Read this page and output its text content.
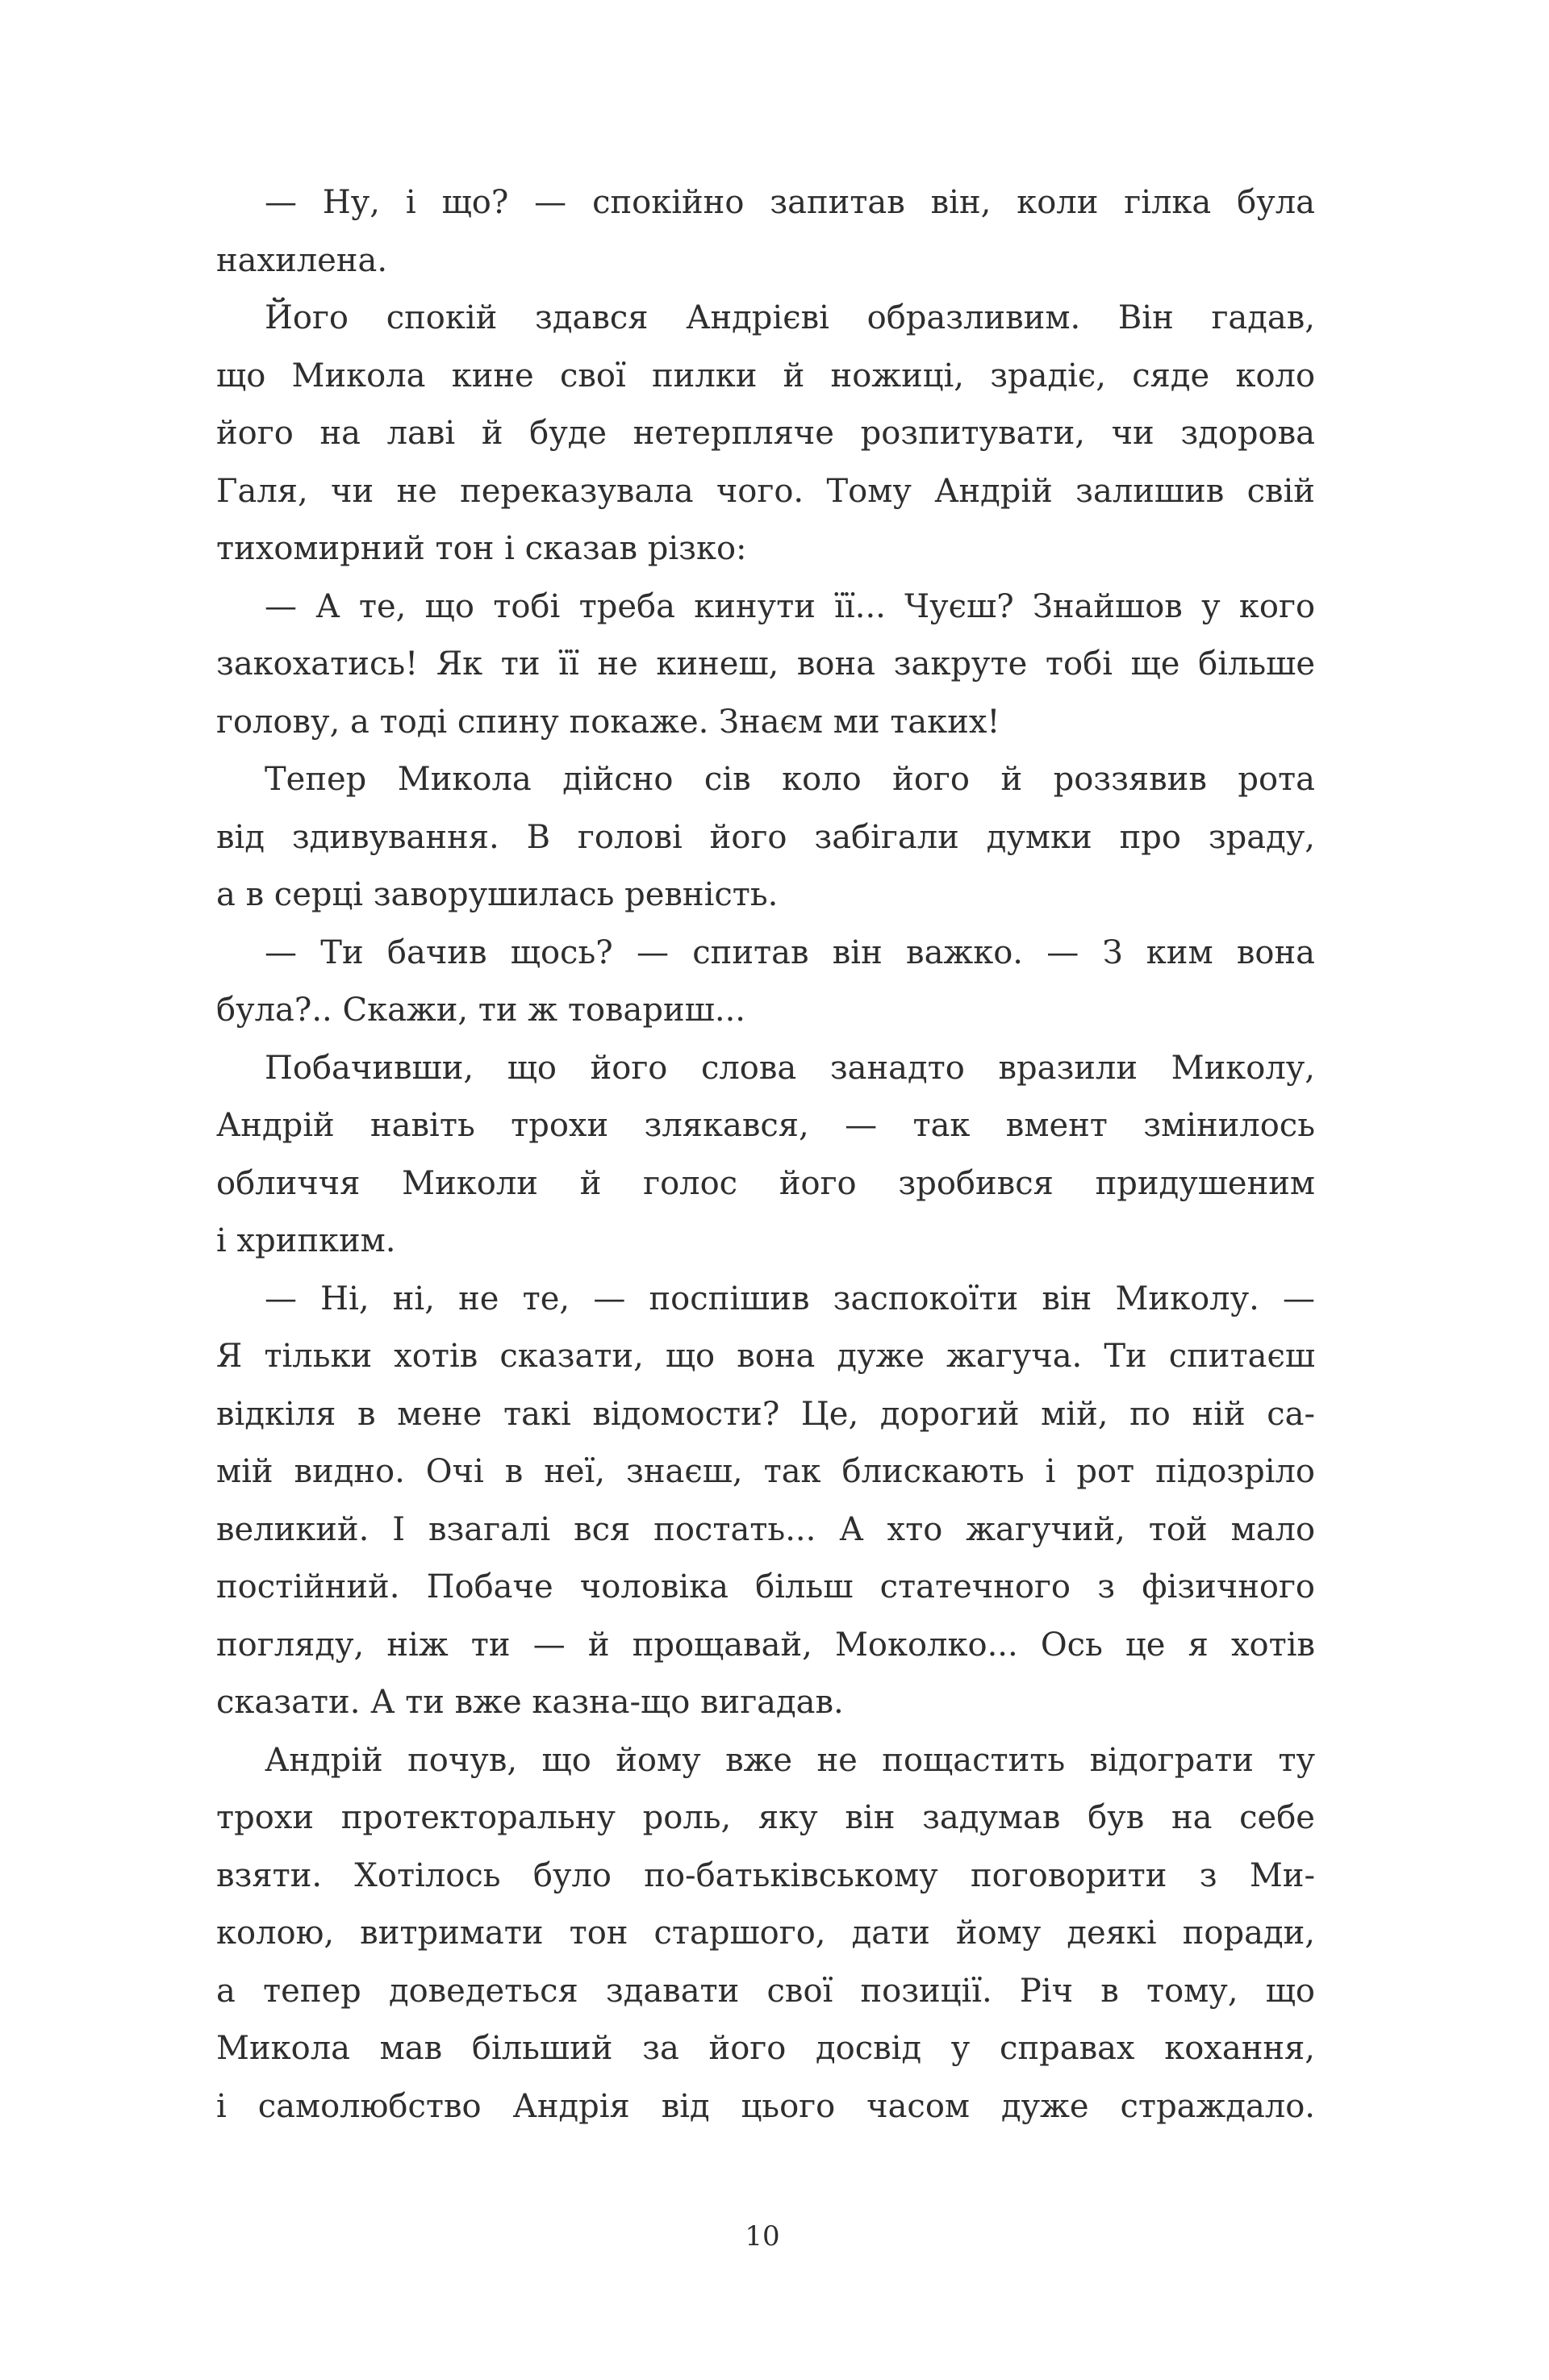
— Ну, і що? — спокійно запитав він, коли гілка була
нахилена.
Його спокій здався Андрієві образливим. Він гадав,
що Микола кине свої пилки й ножиці, зрадіє, сяде коло
його на лаві й буде нетерпляче розпитувати, чи здорова
Галя, чи не переказувала чого. Тому Андрій залишив свій
тихомирний тон і сказав різко:
— А те, що тобі треба кинути її... Чуєш? Знайшов у кого
закохатись! Як ти її не кинеш, вона закруте тобі ще більше
голову, а тоді спину покаже. Знаєм ми таких!
Тепер Микола дійсно сів коло його й роззявив рота
від здивування. В голові його забігали думки про зраду,
а в серці заворушилась ревність.
— Ти бачив щось? — спитав він важко. — З ким вона
була?.. Скажи, ти ж товариш...
Побачивши, що його слова занадто вразили Миколу,
Андрій навіть трохи злякався, — так вмент змінилось
обличчя Миколи й голос його зробився придушеним
і хрипким.
— Ні, ні, не те, — поспішив заспокоїти він Миколу. —
Я тільки хотів сказати, що вона дуже жагуча. Ти спитаєш
відкіля в мене такі відомости? Це, дорогий мій, по ній са-
мій видно. Очі в неї, знаєш, так блискають і рот підозріло
великий. І взагалі вся постать... А хто жагучий, той мало
постійний. Побаче чоловіка більш статечного з фізичного
погляду, ніж ти — й прощавай, Моколко... Ось це я хотів
сказати. А ти вже казна-що вигадав.
Андрій почув, що йому вже не пощастить відограти ту
трохи протекторальну роль, яку він задумав був на себе
взяти. Хотілось було по-батьківському поговорити з Ми-
колою, витримати тон старшого, дати йому деякі поради,
а тепер доведеться здавати свої позиції. Річ в тому, що
Микола мав більший за його досвід у справах кохання,
і самолюбство Андрія від цього часом дуже страждало.
10
